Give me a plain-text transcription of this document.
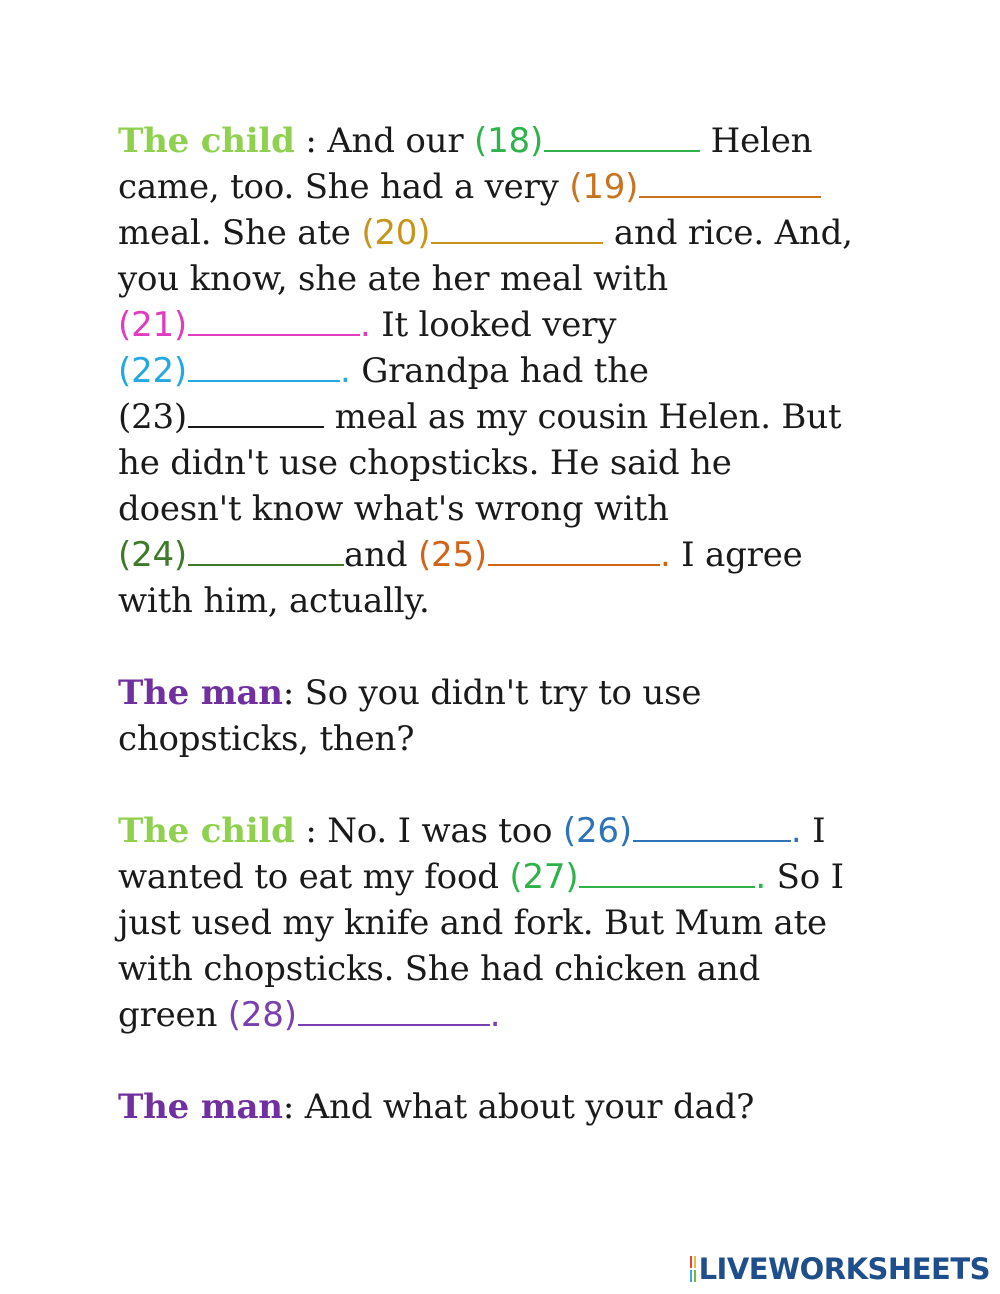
The child : And our (18)	Helen
came, too. She had a very (19)
meal. She ate (20)	and rice. And,
you know, she ate her meal with
(21)	. It looked very
(22)	. Grandpa had the
(23)	meal as my cousin Helen. But
he didn't use chopsticks. He said he
doesn't know what's wrong with
(24)	and (25)	. I agree
with him, actually.
The man: So you didn't try to use
chopsticks, then?
The child : No. I was too (26)	. I
wanted to eat my food (27)	. So I
just used my knife and fork. But Mum ate
with chopsticks. She had chicken and
green (28)	.
The man: And what about your dad?
LIVEWORKSHEETS
